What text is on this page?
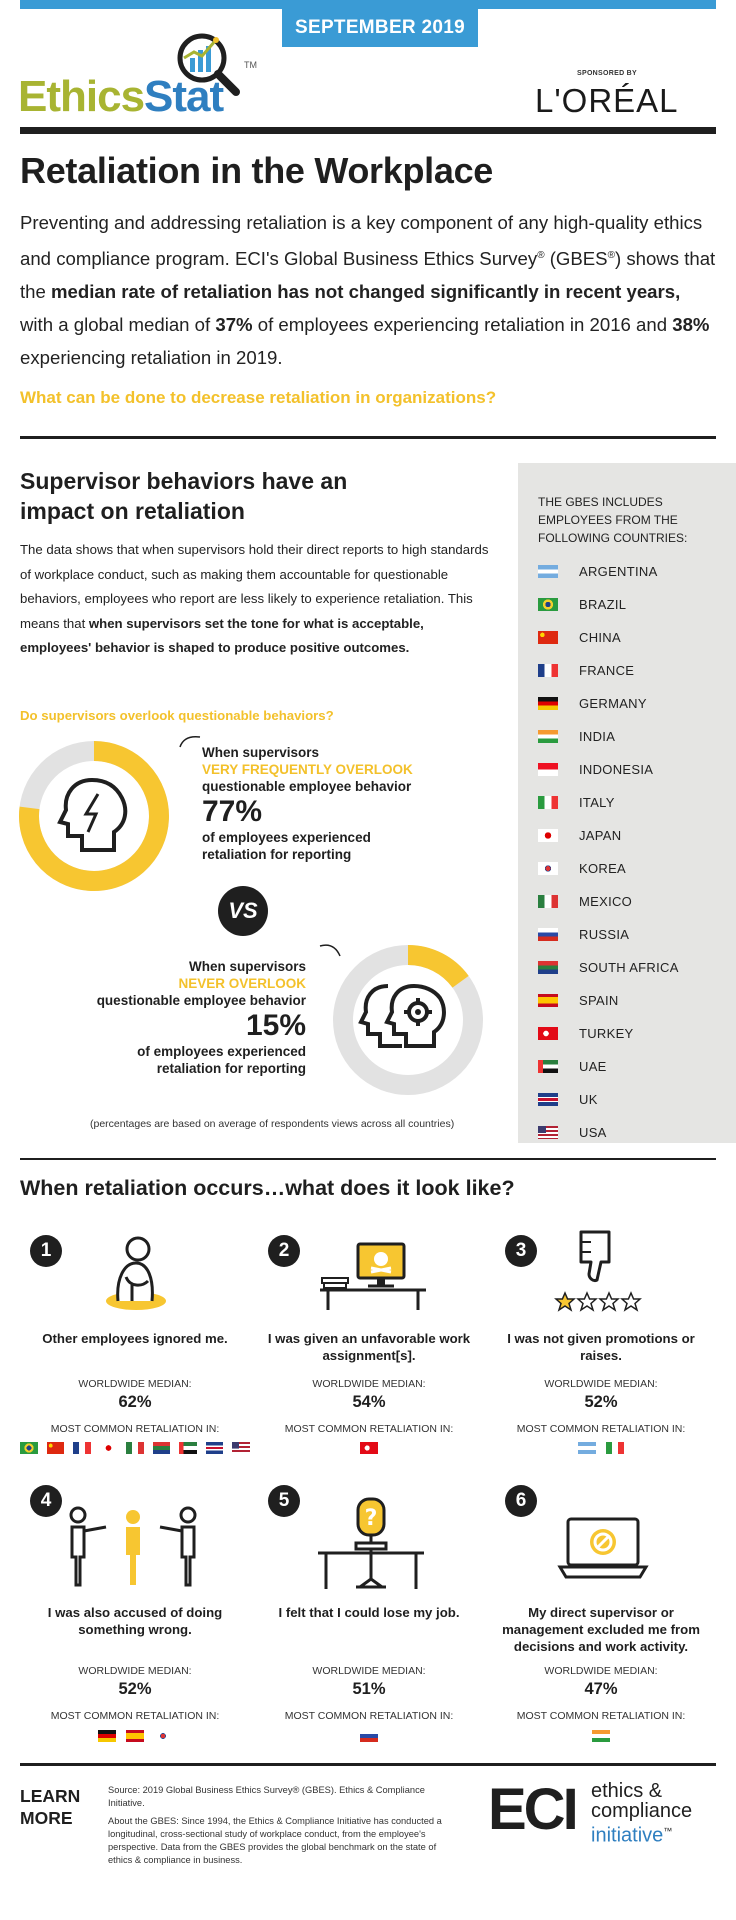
SEPTEMBER 2019
TM
EthicsStat	SPONSORED BY
L'ORÉAL
Retaliation in the Workplace

Preventing and addressing retaliation is a key component of any high-quality ethics and compliance program. ECI's Global Business Ethics Survey® (GBES®) shows that the median rate of retaliation has not changed significantly in recent years, with a global median of 37% of employees experiencing retaliation in 2016 and 38% experiencing retaliation in 2019.

What can be done to decrease retaliation in organizations?
Supervisor behaviors have an impact on retaliation

The data shows that when supervisors hold their direct reports to high standards of workplace conduct, such as making them accountable for questionable behaviors, employees who report are less likely to experience retaliation. This means that when supervisors set the tone for what is acceptable, employees' behavior is shaped to produce positive outcomes.

Do supervisors overlook questionable behaviors?
When supervisors
VERY FREQUENTLY OVERLOOK
questionable employee behavior
77%
of employees experienced
retaliation for reporting
VS
When supervisors
NEVER OVERLOOK
questionable employee behavior
15%
of employees experienced
retaliation for reporting
(percentages are based on average of respondents views across all countries)
THE GBES INCLUDES EMPLOYEES FROM THE FOLLOWING COUNTRIES:
ARGENTINA
BRAZIL
CHINA
FRANCE
GERMANY
INDIA
INDONESIA
ITALY
JAPAN
KOREA
MEXICO
RUSSIA
SOUTH AFRICA
SPAIN
TURKEY
UAE
UK
USA
When retaliation occurs…what does it look like?
1
Other employees ignored me.
WORLDWIDE MEDIAN:
62%
MOST COMMON RETALIATION IN:
2
I was given an unfavorable work assignment[s].
WORLDWIDE MEDIAN:
54%
MOST COMMON RETALIATION IN:
3
I was not given promotions or raises.
WORLDWIDE MEDIAN:
52%
MOST COMMON RETALIATION IN:
4
I was also accused of doing something wrong.
WORLDWIDE MEDIAN:
52%
MOST COMMON RETALIATION IN:
5
?
I felt that I could lose my job.
WORLDWIDE MEDIAN:
51%
MOST COMMON RETALIATION IN:
6
My direct supervisor or management excluded me from decisions and work activity.
WORLDWIDE MEDIAN:
47%
MOST COMMON RETALIATION IN:
LEARN
MORE
Source: 2019 Global Business Ethics Survey® (GBES). Ethics & Compliance Initiative.
About the GBES: Since 1994, the Ethics & Compliance Initiative has conducted a longitudinal, cross-sectional study of workplace conduct, from the employee's perspective. Data from the GBES provides the global benchmark on the state of ethics & compliance in business.
ECI ethics &
compliance
initiative™
